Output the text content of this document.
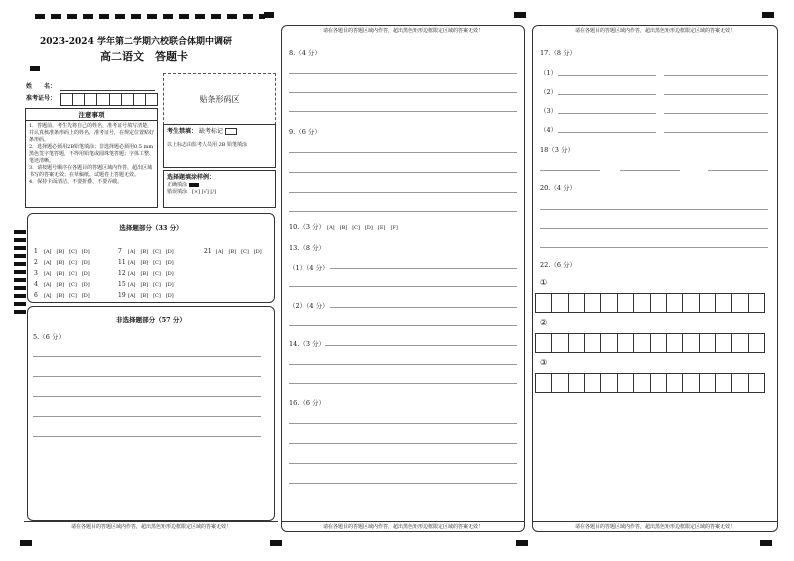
2023-2024 学年第二学期六校联合体期中调研
高二语文　答题卡
姓　　名：
准考证号：	贴条形码区
注意事项
1．答题前，考生先将自己的姓名，准考证号填写清楚，并认真核准条形码上的姓名，准考证号，在规定位置贴好条形码。
2．选择题必须用2B铅笔填涂；非选择题必须用0.5 mm黑色签字笔答题，不得用铅笔或圆珠笔答题；字体工整、笔迹清晰。
3．请按题号顺序在各题目的答题区域内作答，超出区域书写的答案无效；在草稿纸、试题卷上答题无效。
4．保持卡面清洁，不要折叠、不要弄破。
考生禁填： 缺考标记
以上标志由监考人员用 2B 铅笔填涂
选择题填涂样例：
正确填涂
错误填涂　 [×] [√] [/]
选择题部分（33 分）
1 [A] [B] [C] [D]
2 [A] [B] [C] [D]
3 [A] [B] [C] [D]
4 [A] [B] [C] [D]
6 [A] [B] [C] [D]
7 [A] [B] [C] [D]
11 [A] [B] [C] [D]
12 [A] [B] [C] [D]
15 [A] [B] [C] [D]
19 [A] [B] [C] [D]
21 [A] [B] [C] [D]
非选择题部分（57 分）
5.（6 分）
请在各题目的答题区域内作答，超出黑色矩形边框限定区域的答案无效！
请在各题目的答题区域内作答，超出黑色矩形边框限定区域的答案无效！
8.（4 分）
9.（6 分）
10.（3 分） [A] [B] [C] [D] [E] [F]
13.（8 分）
（1）（4 分）
（2）（4 分）
14.（3 分）
16.（6 分）
请在各题目的答题区域内作答，超出黑色矩形边框限定区域的答案无效！
请在各题目的答题区域内作答，超出黑色矩形边框限定区域的答案无效！
17.（8 分）
（1）
（2）
（3）
（4）
18（3 分）
20.（4 分）
22.（6 分）
①
②
③
请在各题目的答题区域内作答，超出黑色矩形边框限定区域的答案无效！
